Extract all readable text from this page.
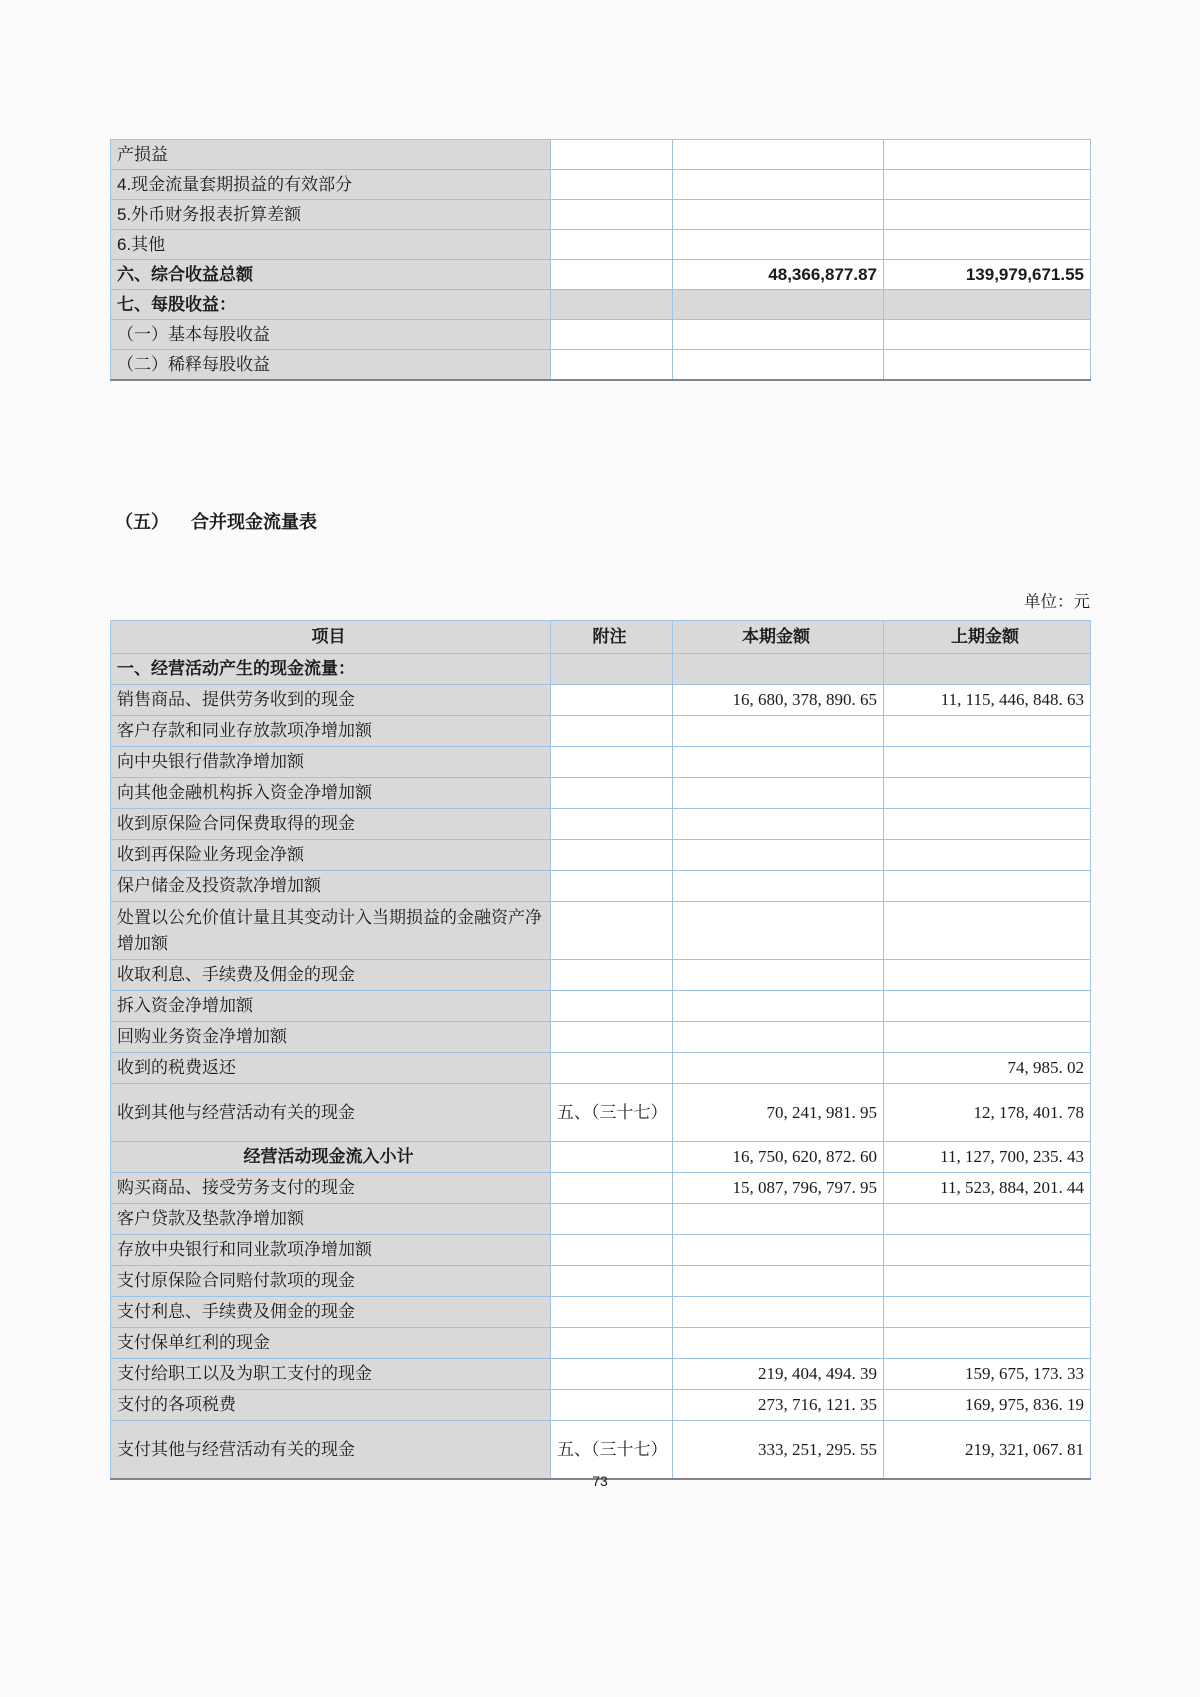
产损益			
4.现金流量套期损益的有效部分			
5.外币财务报表折算差额			
6.其他			
六、综合收益总额		48,366,877.87	139,979,671.55
七、每股收益：			
（一）基本每股收益			
（二）稀释每股收益			
（五） 合并现金流量表
单位：元
项目	附注	本期金额	上期金额
一、经营活动产生的现金流量：			
销售商品、提供劳务收到的现金		16, 680, 378, 890. 65	11, 115, 446, 848. 63
客户存款和同业存放款项净增加额			
向中央银行借款净增加额			
向其他金融机构拆入资金净增加额			
收到原保险合同保费取得的现金			
收到再保险业务现金净额			
保户储金及投资款净增加额			
处置以公允价值计量且其变动计入当期损益的金融资产净增加额			
收取利息、手续费及佣金的现金			
拆入资金净增加额			
回购业务资金净增加额			
收到的税费返还			74, 985. 02
收到其他与经营活动有关的现金	五、（三十七）	70, 241, 981. 95	12, 178, 401. 78
经营活动现金流入小计		16, 750, 620, 872. 60	11, 127, 700, 235. 43
购买商品、接受劳务支付的现金		15, 087, 796, 797. 95	11, 523, 884, 201. 44
客户贷款及垫款净增加额			
存放中央银行和同业款项净增加额			
支付原保险合同赔付款项的现金			
支付利息、手续费及佣金的现金			
支付保单红利的现金			
支付给职工以及为职工支付的现金		219, 404, 494. 39	159, 675, 173. 33
支付的各项税费		273, 716, 121. 35	169, 975, 836. 19
支付其他与经营活动有关的现金	五、（三十七）	333, 251, 295. 55	219, 321, 067. 81
73
